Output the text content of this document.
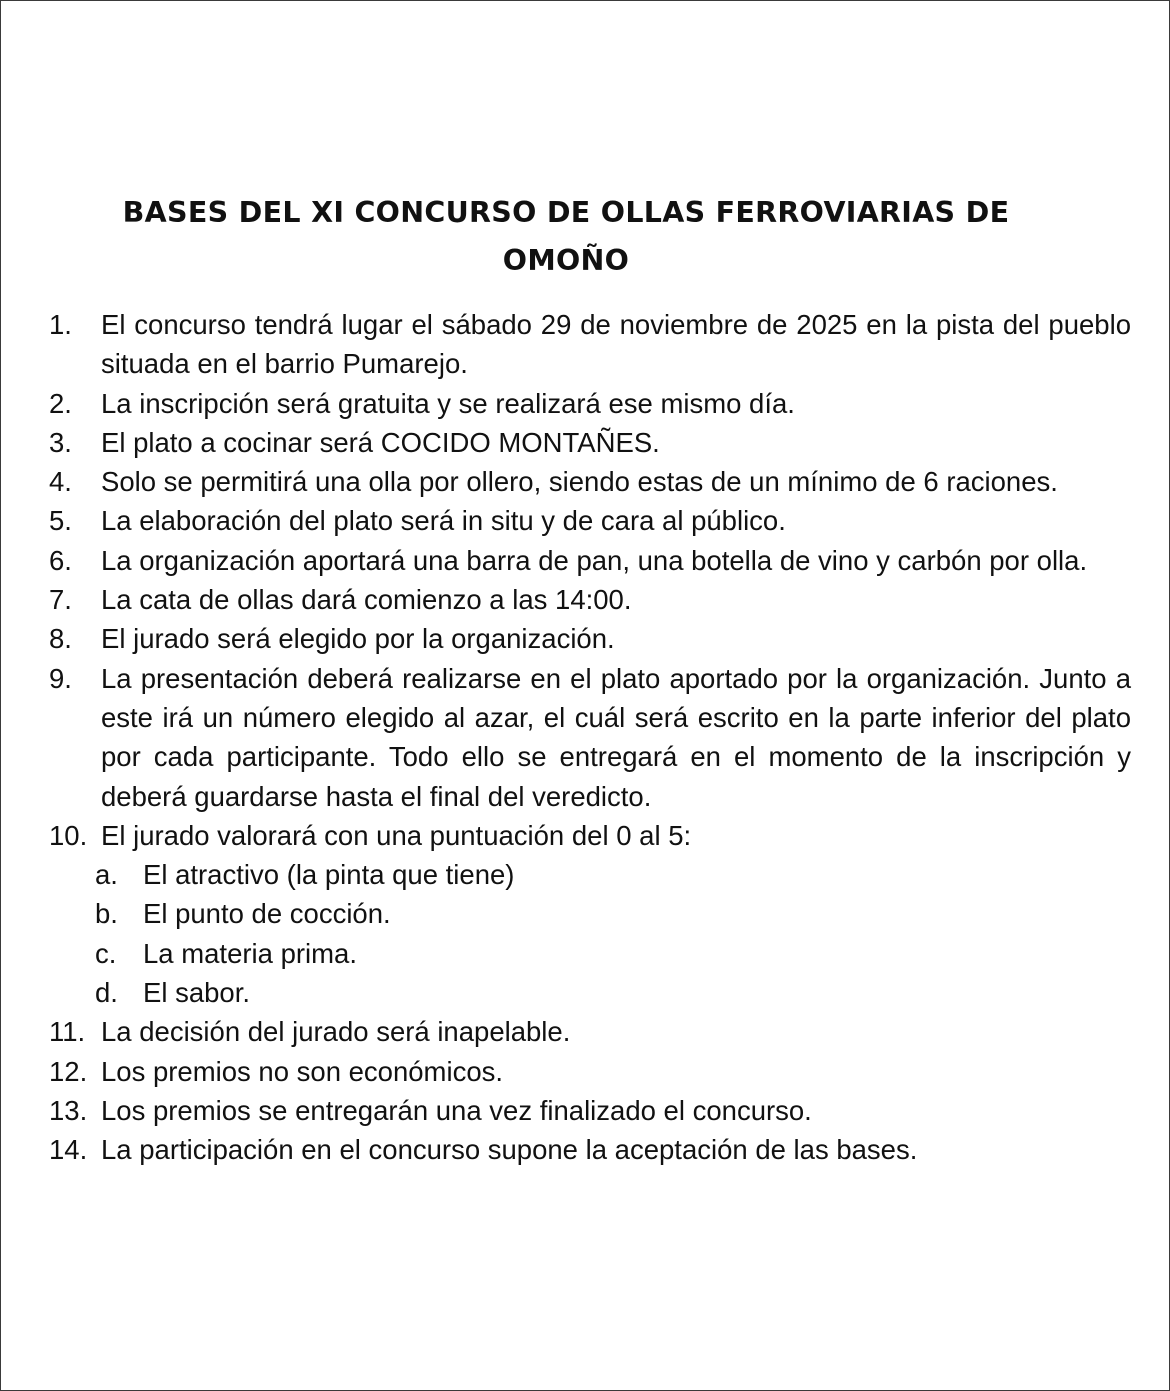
BASES DEL XI CONCURSO DE OLLAS FERROVIARIAS DE
OMOÑO
1.	El concurso tendrá lugar el sábado 29 de noviembre de 2025 en la pista del pueblo situada en el barrio Pumarejo.
2.	La inscripción será gratuita y se realizará ese mismo día.
3.	El plato a cocinar será COCIDO MONTAÑES.
4.	Solo se permitirá una olla por ollero, siendo estas de un mínimo de 6 raciones.
5.	La elaboración del plato será in situ y de cara al público.
6.	La organización aportará una barra de pan, una botella de vino y carbón por olla.
7.	La cata de ollas dará comienzo a las 14:00.
8.	El jurado será elegido por la organización.
9.	La presentación deberá realizarse en el plato aportado por la organización. Junto a este irá un número elegido al azar, el cuál será escrito en la parte inferior del plato por cada participante. Todo ello se entregará en el momento de la inscripción y deberá guardarse hasta el final del veredicto.
10. El jurado valorará con una puntuación del 0 al 5:
a. El atractivo (la pinta que tiene)
b. El punto de cocción.
c. La materia prima.
d. El sabor.
11. La decisión del jurado será inapelable.
12. Los premios no son económicos.
13. Los premios se entregarán una vez finalizado el concurso.
14. La participación en el concurso supone la aceptación de las bases.
